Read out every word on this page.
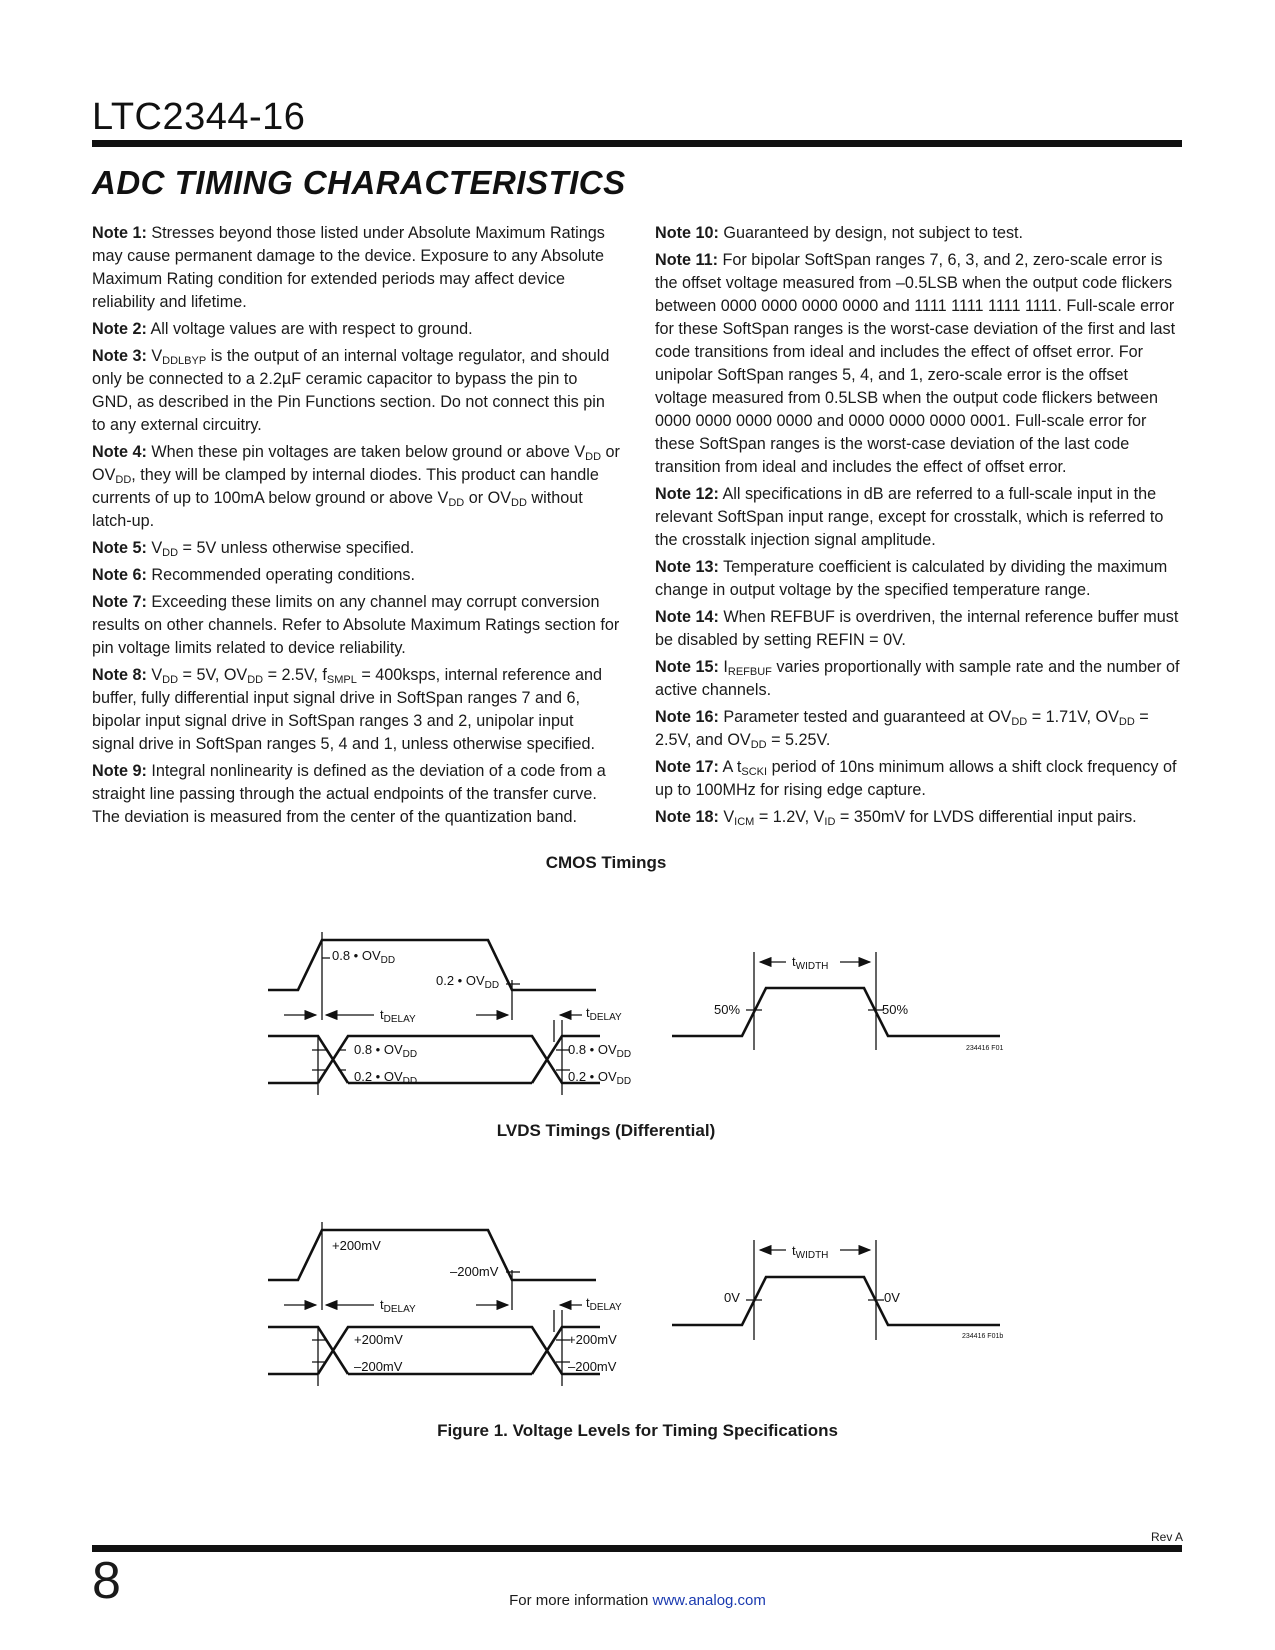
LTC2344-16
ADC TIMING CHARACTERISTICS

Note 1: Stresses beyond those listed under Absolute Maximum Ratings may cause permanent damage to the device. Exposure to any Absolute Maximum Rating condition for extended periods may affect device reliability and lifetime.

Note 2: All voltage values are with respect to ground.

Note 3: $V_{DDLBYP}$ is the output of an internal voltage regulator, and should only be connected to a 2.2µF ceramic capacitor to bypass the pin to GND, as described in the Pin Functions section. Do not connect this pin to any external circuitry.

Note 4: When these pin voltages are taken below ground or above $V_{DD}$ or $OV_{DD}$, they will be clamped by internal diodes. This product can handle currents of up to 100mA below ground or above $V_{DD}$ or $OV_{DD}$ without latch-up.

Note 5: $V_{DD} = 5V$ unless otherwise specified.

Note 6: Recommended operating conditions.

Note 7: Exceeding these limits on any channel may corrupt conversion results on other channels. Refer to Absolute Maximum Ratings section for pin voltage limits related to device reliability.

Note 8: $V_{DD} = 5V$, $OV_{DD} = 2.5V$, $f_{SMPL}$ = 400ksps, internal reference and buffer, fully differential input signal drive in SoftSpan ranges 7 and 6, bipolar input signal drive in SoftSpan ranges 3 and 2, unipolar input signal drive in SoftSpan ranges 5, 4 and 1, unless otherwise specified.

Note 9: Integral nonlinearity is defined as the deviation of a code from a straight line passing through the actual endpoints of the transfer curve. The deviation is measured from the center of the quantization band.

Note 10: Guaranteed by design, not subject to test.

Note 11: For bipolar SoftSpan ranges 7, 6, 3, and 2, zero-scale error is the offset voltage measured from –0.5LSB when the output code flickers between 0000 0000 0000 0000 and 1111 1111 1111 1111. Full-scale error for these SoftSpan ranges is the worst-case deviation of the first and last code transitions from ideal and includes the effect of offset error. For unipolar SoftSpan ranges 5, 4, and 1, zero-scale error is the offset voltage measured from 0.5LSB when the output code flickers between 0000 0000 0000 0000 and 0000 0000 0000 0001. Full-scale error for these SoftSpan ranges is the worst-case deviation of the last code transition from ideal and includes the effect of offset error.

Note 12: All specifications in dB are referred to a full-scale input in the relevant SoftSpan input range, except for crosstalk, which is referred to the crosstalk injection signal amplitude.

Note 13: Temperature coefficient is calculated by dividing the maximum change in output voltage by the specified temperature range.

Note 14: When REFBUF is overdriven, the internal reference buffer must be disabled by setting REFIN = 0V.

Note 15: $I_{REFBUF}$ varies proportionally with sample rate and the number of active channels.

Note 16: Parameter tested and guaranteed at $OV_{DD} = 1.71V$, $OV_{DD} = 2.5V$, and $OV_{DD} = 5.25V$.

Note 17: A $t_{SCKI}$ period of 10ns minimum allows a shift clock frequency of up to 100MHz for rising edge capture.

Note 18: $V_{ICM} = 1.2V$, $V_{ID} = 350mV$ for LVDS differential input pairs.

CMOS Timings
LVDS Timings (Differential)
0.8 • $OV_{DD}$
0.2 • $OV_{DD}$
$t_{DELAY}$	$t_{DELAY}$
0.8 • $OV_{DD}$
0.2 • $OV_{DD}$
0.8 • $OV_{DD}$
0.2 • $OV_{DD}$
$t_{WIDTH}$
50%	50%
234416 F01
+200mV
–200mV
$t_{DELAY}$	$t_{DELAY}$
+200mV
–200mV
+200mV
–200mV
$t_{WIDTH}$
0V	0V
234416 F01b
Figure 1. Voltage Levels for Timing Specifications
Rev A
8	For more information www.analog.com
